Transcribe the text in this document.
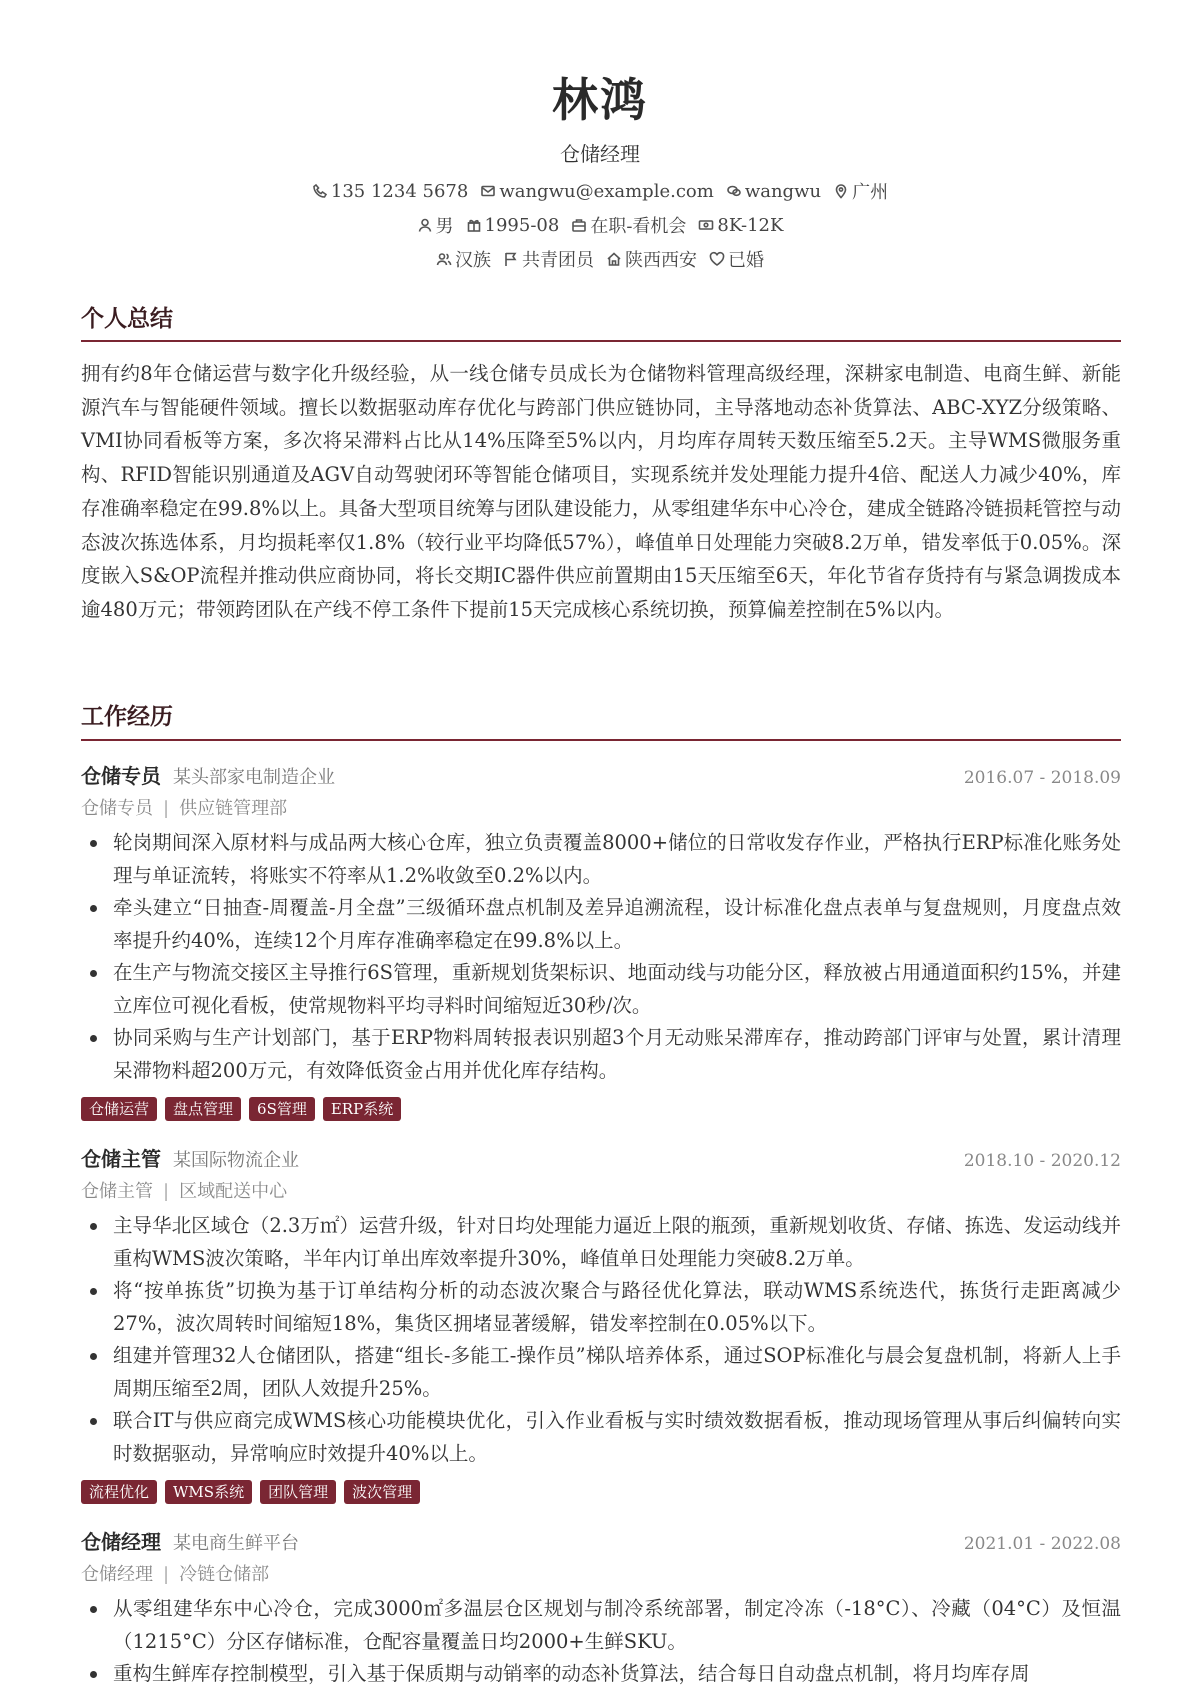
林鸿
仓储经理
135 1234 5678 wangwu@example.com wangwu 广州
男 1995-08 在职-看机会 8K-12K
汉族 共青团员 陕西西安 已婚
个人总结
拥有约8年仓储运营与数字化升级经验，从一线仓储专员成长为仓储物料管理高级经理，深耕家电制造、电商生鲜、新能源汽车与智能硬件领域。擅长以数据驱动库存优化与跨部门供应链协同，主导落地动态补货算法、ABC-XYZ分级策略、VMI协同看板等方案，多次将呆滞料占比从14%压降至5%以内，月均库存周转天数压缩至5.2天。主导WMS微服务重构、RFID智能识别通道及AGV自动驾驶闭环等智能仓储项目，实现系统并发处理能力提升4倍、配送人力减少40%，库存准确率稳定在99.8%以上。具备大型项目统筹与团队建设能力，从零组建华东中心冷仓，建成全链路冷链损耗管控与动态波次拣选体系，月均损耗率仅1.8%（较行业平均降低57%），峰值单日处理能力突破8.2万单，错发率低于0.05%。深度嵌入S&OP流程并推动供应商协同，将长交期IC器件供应前置期由15天压缩至6天，年化节省存货持有与紧急调拨成本逾480万元；带领跨团队在产线不停工条件下提前15天完成核心系统切换，预算偏差控制在5%以内。
工作经历
仓储专员 某头部家电制造企业	2016.07 - 2018.09
仓储专员 | 供应链管理部
轮岗期间深入原材料与成品两大核心仓库，独立负责覆盖8000+储位的日常收发存作业，严格执行ERP标准化账务处理与单证流转，将账实不符率从1.2%收敛至0.2%以内。
牵头建立“日抽查-周覆盖-月全盘”三级循环盘点机制及差异追溯流程，设计标准化盘点表单与复盘规则，月度盘点效率提升约40%，连续12个月库存准确率稳定在99.8%以上。
在生产与物流交接区主导推行6S管理，重新规划货架标识、地面动线与功能分区，释放被占用通道面积约15%，并建立库位可视化看板，使常规物料平均寻料时间缩短近30秒/次。
协同采购与生产计划部门，基于ERP物料周转报表识别超3个月无动账呆滞库存，推动跨部门评审与处置，累计清理呆滞物料超200万元，有效降低资金占用并优化库存结构。
仓储运营	盘点管理	6S管理	ERP系统
仓储主管 某国际物流企业	2018.10 - 2020.12
仓储主管 | 区域配送中心
主导华北区域仓（2.3万㎡）运营升级，针对日均处理能力逼近上限的瓶颈，重新规划收货、存储、拣选、发运动线并重构WMS波次策略，半年内订单出库效率提升30%，峰值单日处理能力突破8.2万单。
将“按单拣货”切换为基于订单结构分析的动态波次聚合与路径优化算法，联动WMS系统迭代，拣货行走距离减少27%，波次周转时间缩短18%，集货区拥堵显著缓解，错发率控制在0.05%以下。
组建并管理32人仓储团队，搭建“组长-多能工-操作员”梯队培养体系，通过SOP标准化与晨会复盘机制，将新人上手周期压缩至2周，团队人效提升25%。
联合IT与供应商完成WMS核心功能模块优化，引入作业看板与实时绩效数据看板，推动现场管理从事后纠偏转向实时数据驱动，异常响应时效提升40%以上。
流程优化	WMS系统	团队管理	波次管理
仓储经理 某电商生鲜平台	2021.01 - 2022.08
仓储经理 | 冷链仓储部
从零组建华东中心冷仓，完成3000㎡多温层仓区规划与制冷系统部署，制定冷冻（-18°C）、冷藏（04°C）及恒温（1215°C）分区存储标准，仓配容量覆盖日均2000+生鲜SKU。
重构生鲜库存控制模型，引入基于保质期与动销率的动态补货算法，结合每日自动盘点机制，将月均库存周
